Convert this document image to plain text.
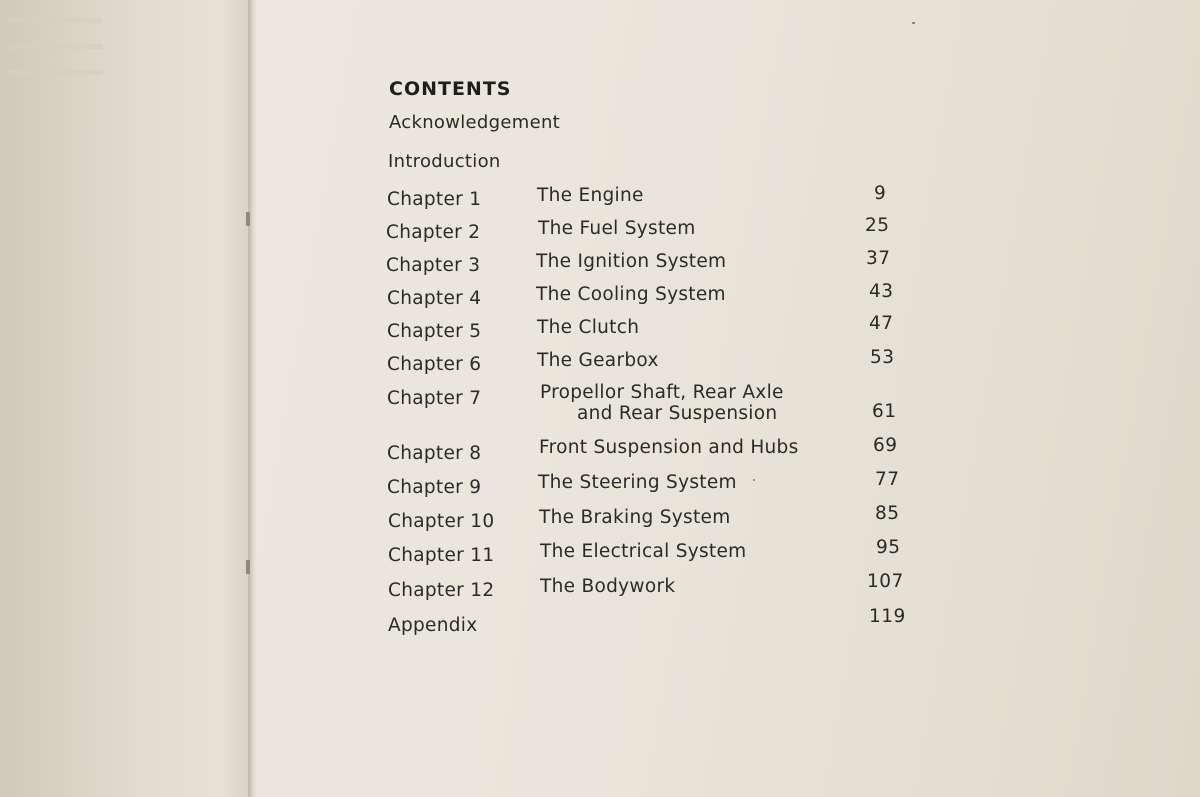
CONTENTS
Acknowledgement
Introduction
Chapter 1	The Engine	9
Chapter 2	The Fuel System	25
Chapter 3	The Ignition System	37
Chapter 4	The Cooling System	43
Chapter 5	The Clutch	47
Chapter 6	The Gearbox	53
Chapter 7	Propellor Shaft, Rear Axle
and Rear Suspension	61
Chapter 8	Front Suspension and Hubs	69
Chapter 9	The Steering System	77
Chapter 10 The Braking System	85
Chapter 11 The Electrical System	95
Chapter 12 The Bodywork	107
Appendix	119
